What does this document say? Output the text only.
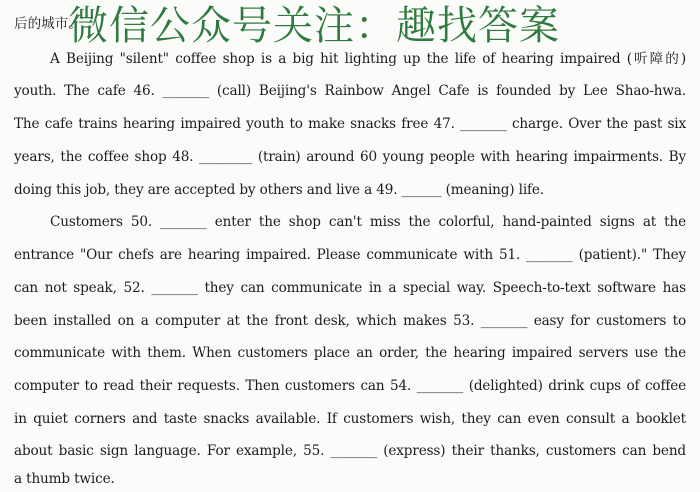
后的城市。
A Beijing "silent" coffee shop is a big hit lighting up the life of hearing impaired (听障的)
youth. The cafe 46. _______ (call) Beijing's Rainbow Angel Cafe is founded by Lee Shao-hwa.
The cafe trains hearing impaired youth to make snacks free 47. _______ charge. Over the past six
years, the coffee shop 48. ________ (train) around 60 young people with hearing impairments. By
doing this job, they are accepted by others and live a 49. ______ (meaning) life.
Customers 50. _______ enter the shop can't miss the colorful, hand-painted signs at the
entrance "Our chefs are hearing impaired. Please communicate with 51. _______ (patient)." They
can not speak, 52. _______ they can communicate in a special way. Speech-to-text software has
been installed on a computer at the front desk, which makes 53. _______ easy for customers to
communicate with them. When customers place an order, the hearing impaired servers use the
computer to read their requests. Then customers can 54. _______ (delighted) drink cups of coffee
in quiet corners and taste snacks available. If customers wish, they can even consult a booklet
about basic sign language. For example, 55. _______ (express) their thanks, customers can bend
a thumb twice.
微信公众号关注：趣找答案
